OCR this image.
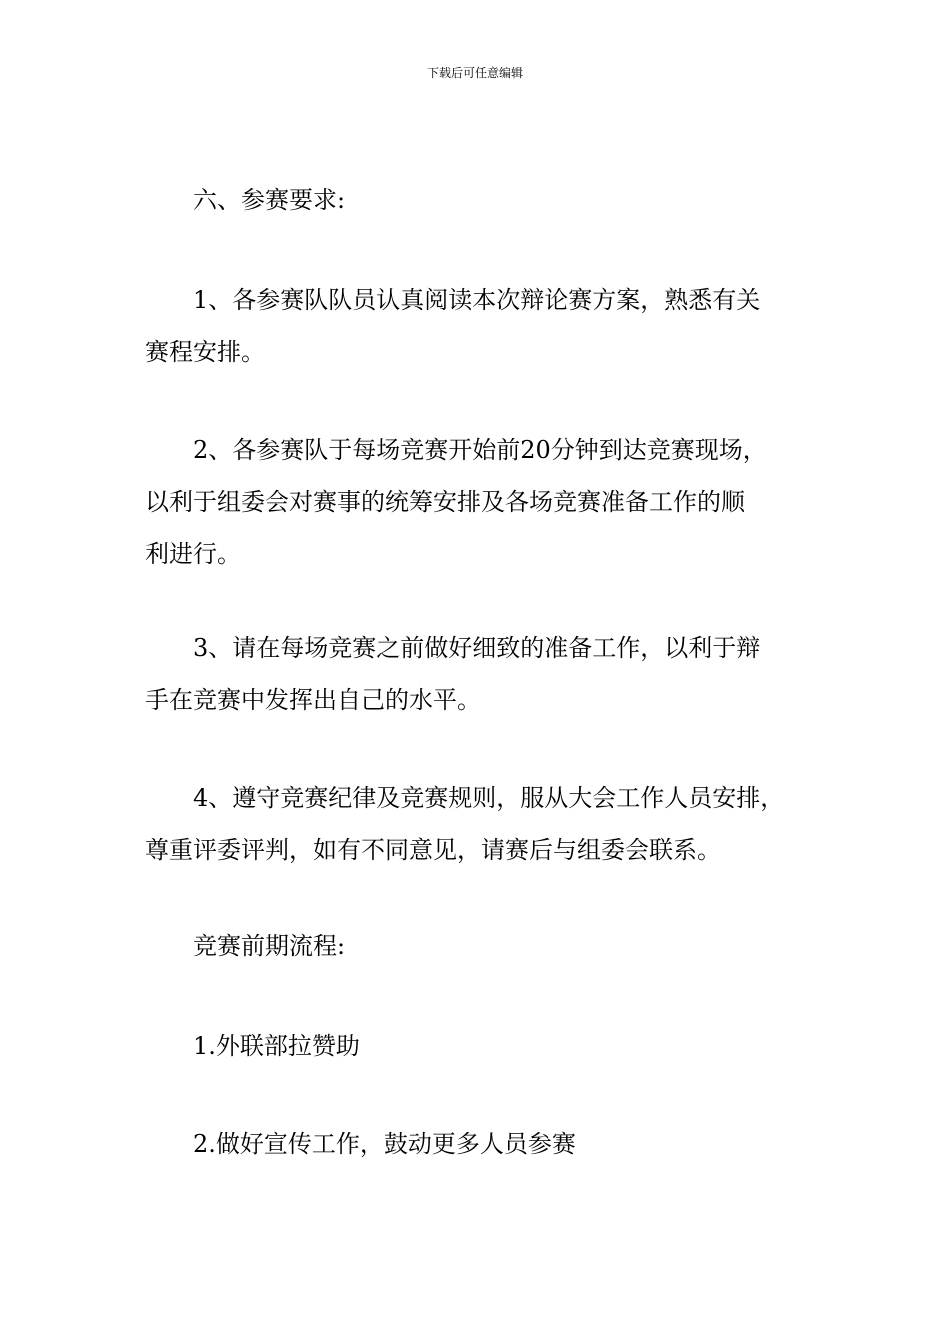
下载后可任意编辑

六、参赛要求:

1、各参赛队队员认真阅读本次辩论赛方案，熟悉有关
赛程安排。

2、各参赛队于每场竞赛开始前20分钟到达竞赛现场，
以利于组委会对赛事的统筹安排及各场竞赛准备工作的顺
利进行。

3、请在每场竞赛之前做好细致的准备工作，以利于辩
手在竞赛中发挥出自己的水平。

4、遵守竞赛纪律及竞赛规则，服从大会工作人员安排，
尊重评委评判，如有不同意见，请赛后与组委会联系。

竞赛前期流程:

1.外联部拉赞助

2.做好宣传工作，鼓动更多人员参赛
